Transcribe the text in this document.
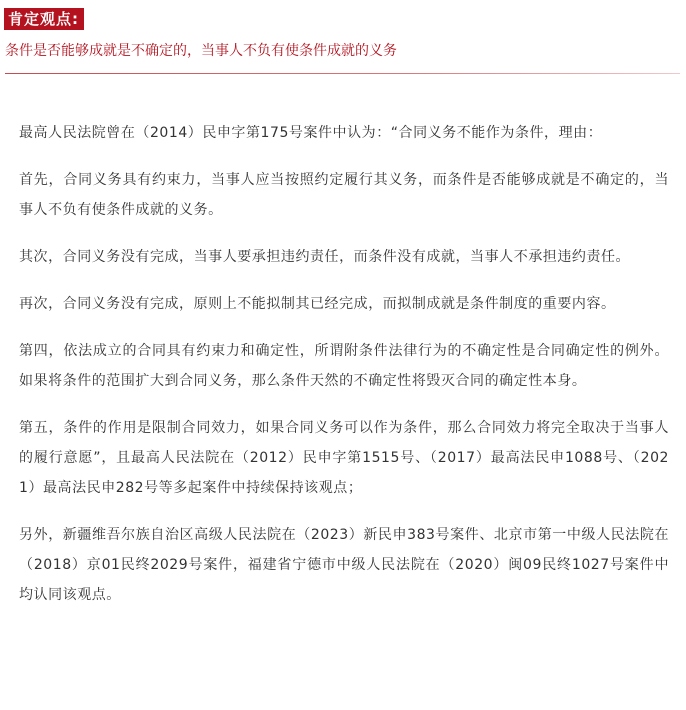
肯定观点:
条件是否能够成就是不确定的，当事人不负有使条件成就的义务

最高人民法院曾在（2014）民申字第175号案件中认为：“合同义务不能作为条件，理由：

首先，合同义务具有约束力，当事人应当按照约定履行其义务，而条件是否能够成就是不确定的，当事人不负有使条件成就的义务。

其次，合同义务没有完成，当事人要承担违约责任，而条件没有成就，当事人不承担违约责任。

再次，合同义务没有完成，原则上不能拟制其已经完成，而拟制成就是条件制度的重要内容。

第四，依法成立的合同具有约束力和确定性，所谓附条件法律行为的不确定性是合同确定性的例外。如果将条件的范围扩大到合同义务，那么条件天然的不确定性将毁灭合同的确定性本身。

第五，条件的作用是限制合同效力，如果合同义务可以作为条件，那么合同效力将完全取决于当事人的履行意愿”，且最高人民法院在（2012）民申字第1515号、（2017）最高法民申1088号、（2021）最高法民申282号等多起案件中持续保持该观点；

另外，新疆维吾尔族自治区高级人民法院在（2023）新民申383号案件、北京市第一中级人民法院在（2018）京01民终2029号案件，福建省宁德市中级人民法院在（2020）闽09民终1027号案件中均认同该观点。
